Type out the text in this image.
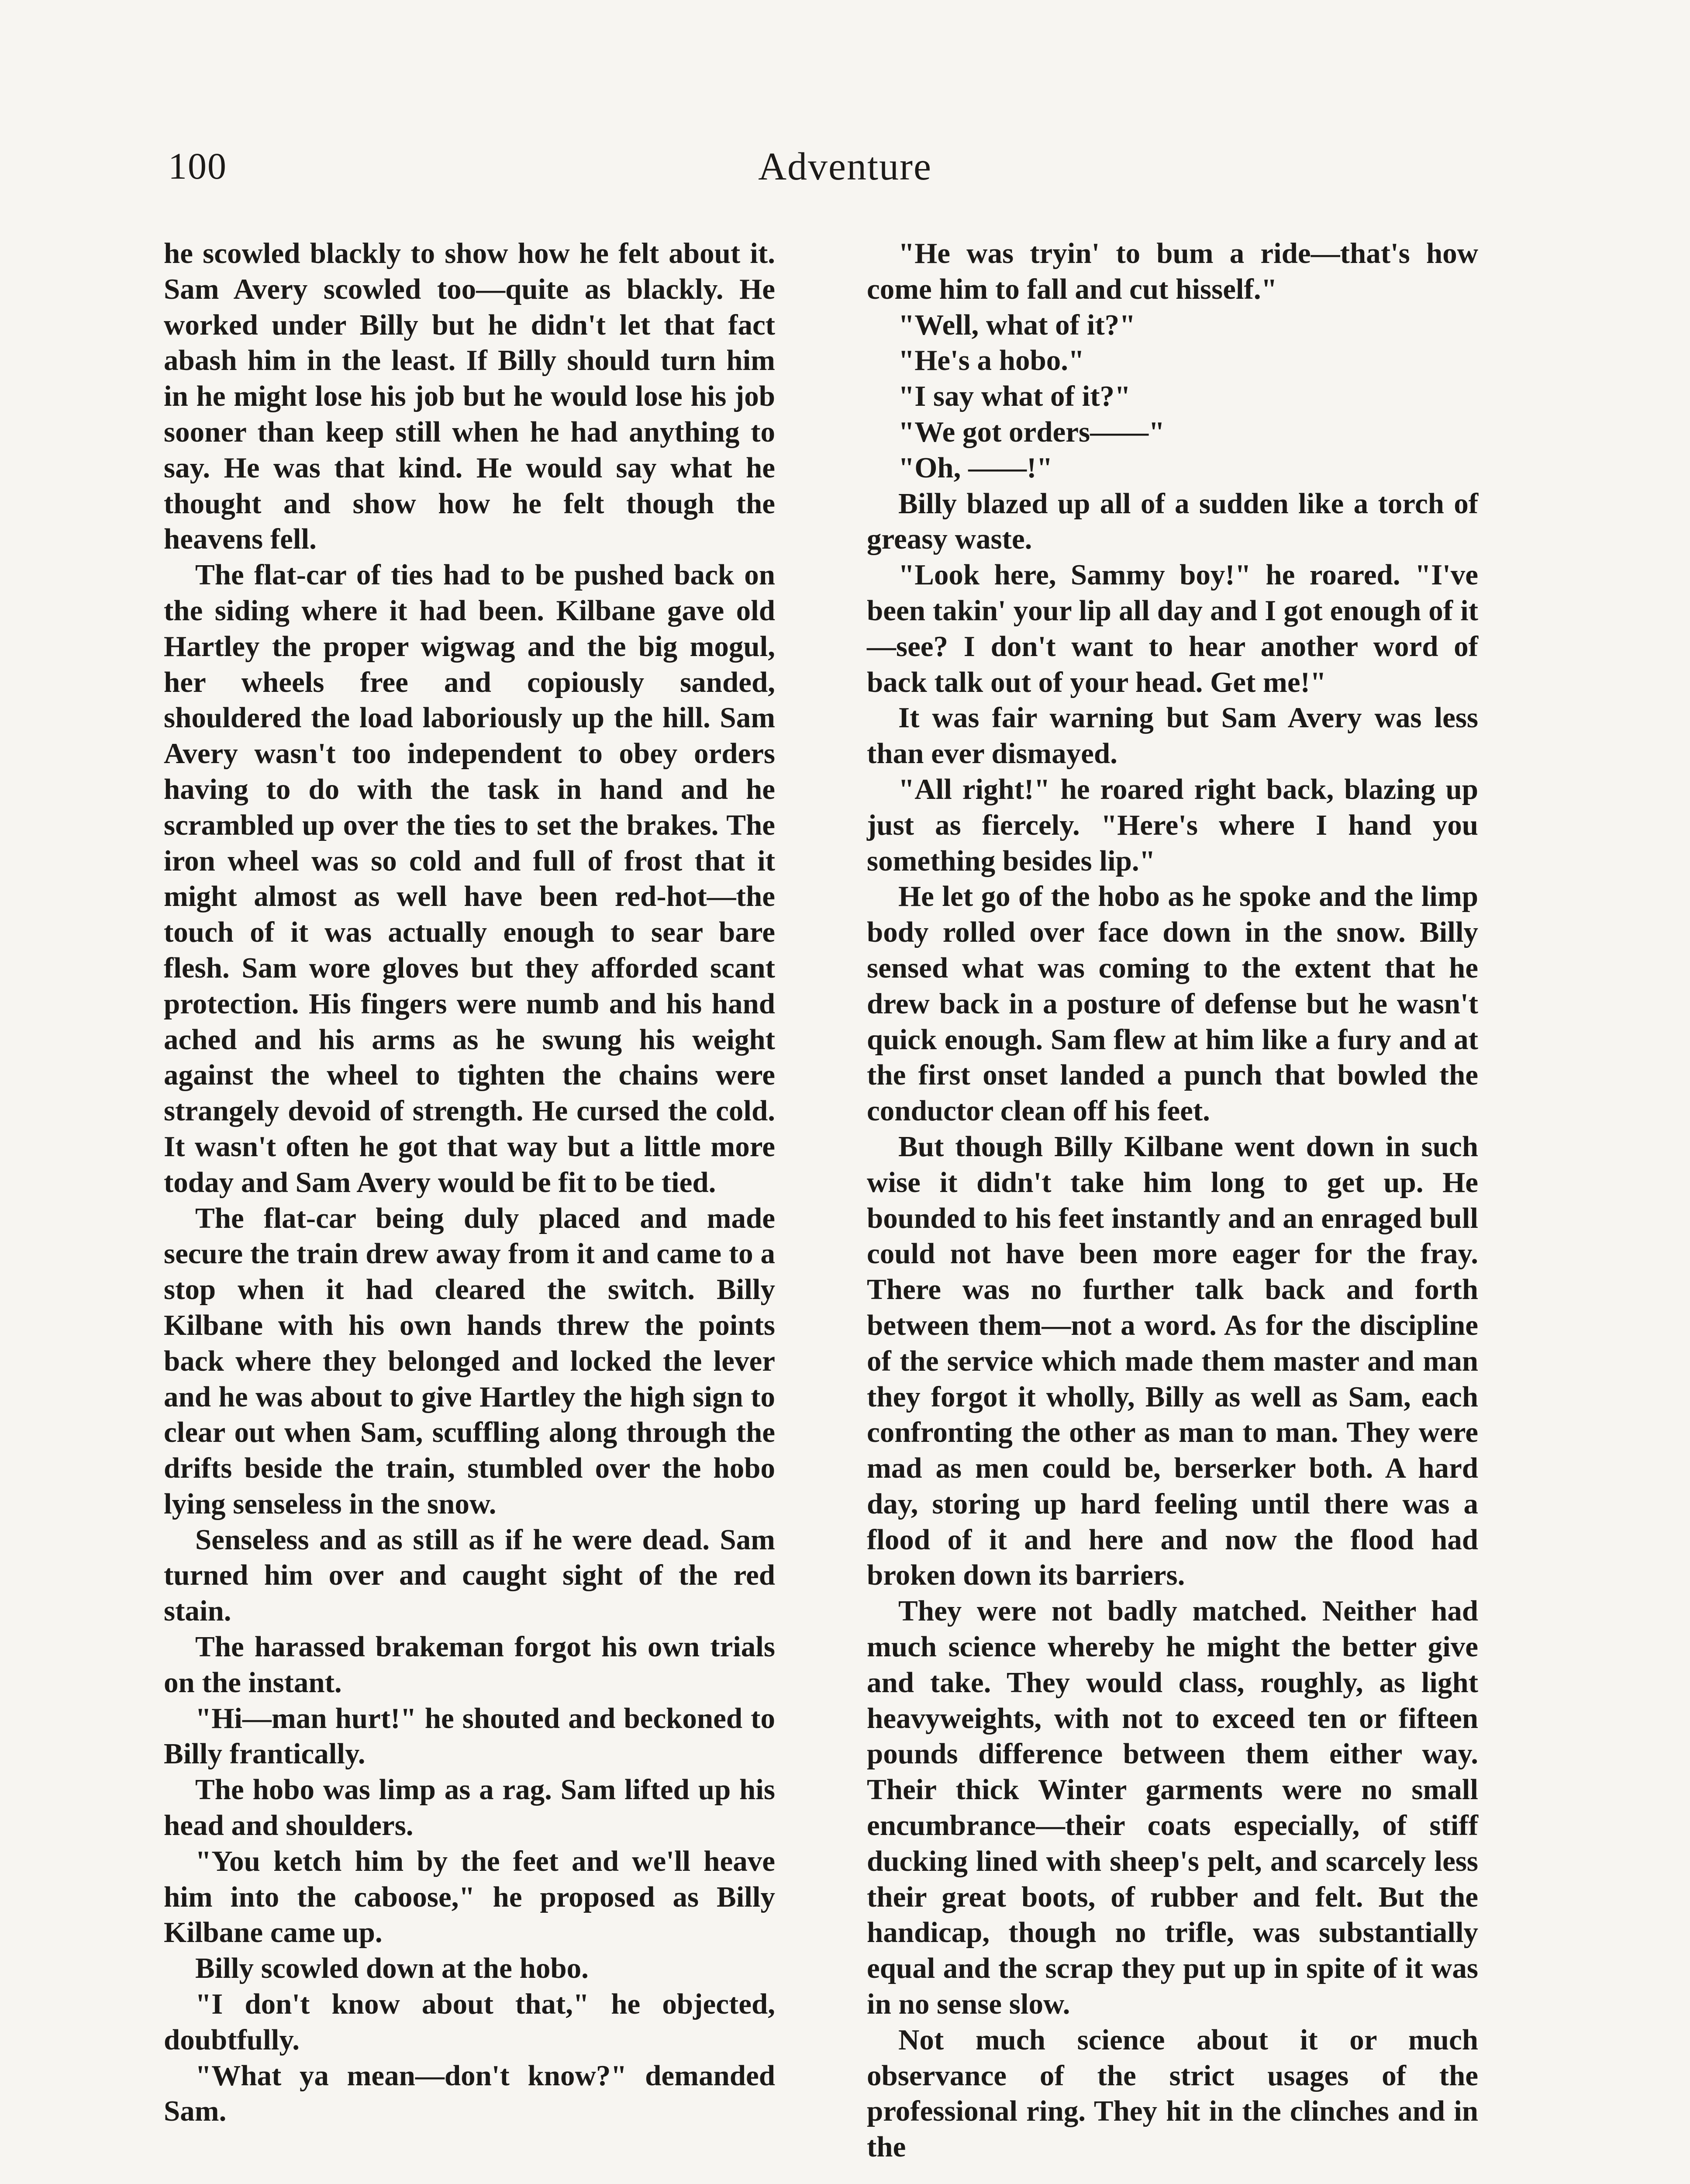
100	Adventure

he scowled blackly to show how he felt about it. Sam Avery scowled too—quite as blackly. He worked under Billy but he didn't let that fact abash him in the least. If Billy should turn him in he might lose his job but he would lose his job sooner than keep still when he had anything to say. He was that kind. He would say what he thought and show how he felt though the heavens fell.

The flat-car of ties had to be pushed back on the siding where it had been. Kilbane gave old Hartley the proper wigwag and the big mogul, her wheels free and copiously sanded, shouldered the load laboriously up the hill. Sam Avery wasn't too independent to obey orders having to do with the task in hand and he scrambled up over the ties to set the brakes. The iron wheel was so cold and full of frost that it might almost as well have been red-hot—the touch of it was actually enough to sear bare flesh. Sam wore gloves but they afforded scant protection. His fingers were numb and his hand ached and his arms as he swung his weight against the wheel to tighten the chains were strangely devoid of strength. He cursed the cold. It wasn't often he got that way but a little more today and Sam Avery would be fit to be tied.

The flat-car being duly placed and made secure the train drew away from it and came to a stop when it had cleared the switch. Billy Kilbane with his own hands threw the points back where they belonged and locked the lever and he was about to give Hartley the high sign to clear out when Sam, scuffling along through the drifts beside the train, stumbled over the hobo lying senseless in the snow.

Senseless and as still as if he were dead. Sam turned him over and caught sight of the red stain.

The harassed brakeman forgot his own trials on the instant.

"Hi—man hurt!" he shouted and beckoned to Billy frantically.

The hobo was limp as a rag. Sam lifted up his head and shoulders.

"You ketch him by the feet and we'll heave him into the caboose," he proposed as Billy Kilbane came up.

Billy scowled down at the hobo.

"I don't know about that," he objected, doubtfully.

"What ya mean—don't know?" demanded Sam.

"He was tryin' to bum a ride—that's how come him to fall and cut hisself."

"Well, what of it?"

"He's a hobo."

"I say what of it?"

"We got orders——"

"Oh, ——!"

Billy blazed up all of a sudden like a torch of greasy waste.

"Look here, Sammy boy!" he roared. "I've been takin' your lip all day and I got enough of it—see? I don't want to hear another word of back talk out of your head. Get me!"

It was fair warning but Sam Avery was less than ever dismayed.

"All right!" he roared right back, blazing up just as fiercely. "Here's where I hand you something besides lip."

He let go of the hobo as he spoke and the limp body rolled over face down in the snow. Billy sensed what was coming to the extent that he drew back in a posture of defense but he wasn't quick enough. Sam flew at him like a fury and at the first onset landed a punch that bowled the conductor clean off his feet.

But though Billy Kilbane went down in such wise it didn't take him long to get up. He bounded to his feet instantly and an enraged bull could not have been more eager for the fray. There was no further talk back and forth between them—not a word. As for the discipline of the service which made them master and man they forgot it wholly, Billy as well as Sam, each confronting the other as man to man. They were mad as men could be, berserker both. A hard day, storing up hard feeling until there was a flood of it and here and now the flood had broken down its barriers.

They were not badly matched. Neither had much science whereby he might the better give and take. They would class, roughly, as light heavyweights, with not to exceed ten or fifteen pounds difference between them either way. Their thick Winter garments were no small encumbrance—their coats especially, of stiff ducking lined with sheep's pelt, and scarcely less their great boots, of rubber and felt. But the handicap, though no trifle, was substantially equal and the scrap they put up in spite of it was in no sense slow.

Not much science about it or much observance of the strict usages of the professional ring. They hit in the clinches and in the
